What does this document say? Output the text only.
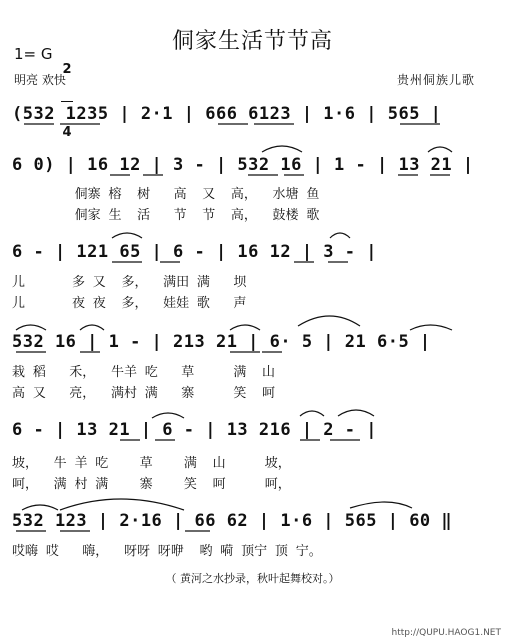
侗家生活节节高
1= G

2

4

明亮 欢快	贵州侗族儿歌
(532 1235 | 2·1 | 666 6123 | 1·6 | 565 |
6 0) | 16 12 | 3 - | 532 16 | 1 - | 13 21 |
侗寨 榕  树   高  又  高，  水塘 鱼
侗家 生  活   节  节  高，  鼓楼 歌
6 - | 121 65 | 6 - | 16 12 | 3 - |
儿      多 又  多，  满田 满   坝
儿      夜 夜  多，  娃娃 歌   声
532 16 | 1 - | 213 21 | 6· 5 | 21 6·5 |
栽 稻   禾，  牛羊 吃   草     满  山
高 又   亮，  满村 满   寨     笑  呵
6 - | 13 21 | 6 - | 13 216 | 2 - |
坡，  牛 羊 吃    草    满  山     坡，
呵，  满 村 满    寨    笑  呵     呵，
532 123 | 2·16 | 66 62 | 1·6 | 565 | 60 ‖
哎嗨 哎   嗨，  呀呀 呀咿  哟 嗬 顶宁 顶 宁。
（ 黄河之水抄录，秋叶起舞校对。）
http://QUPU.HAOG1.NET
